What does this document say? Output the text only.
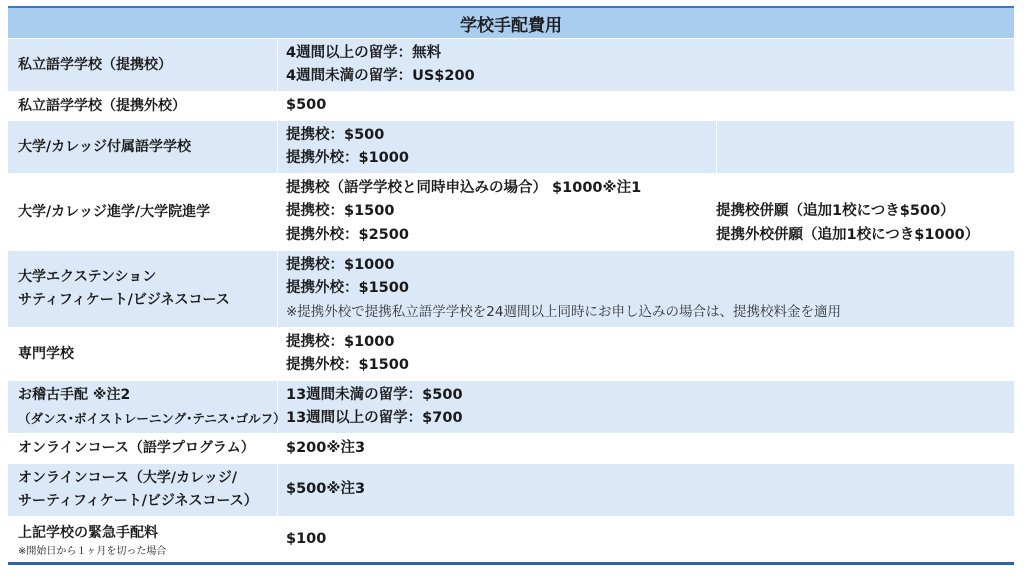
学校手配費用
私立語学学校（提携校）
4週間以上の留学：無料
4週間未満の留学：US$200
私立語学学校（提携外校）	$500
大学/カレッジ付属語学学校
提携校：$500
提携外校：$1000
大学/カレッジ進学/大学院進学
提携校（語学学校と同時申込みの場合） $1000※注1
提携校：$1500
提携外校：$2500
提携校併願（追加1校につき$500）
提携外校併願（追加1校につき$1000）
大学エクステンション
サティフィケート/ビジネスコース
提携校：$1000
提携外校：$1500
※提携外校で提携私立語学学校を24週間以上同時にお申し込みの場合は、提携校料金を適用
専門学校
提携校：$1000
提携外校：$1500
お稽古手配 ※注2
（ダンス･ボイストレーニング･テニス･ゴルフ）
13週間未満の留学：$500
13週間以上の留学：$700
オンラインコース（語学プログラム）	$200※注3
オンラインコース（大学/カレッジ/
サーティフィケート/ビジネスコース）
$500※注3
上記学校の緊急手配料
※開始日から１ヶ月を切った場合
$100
